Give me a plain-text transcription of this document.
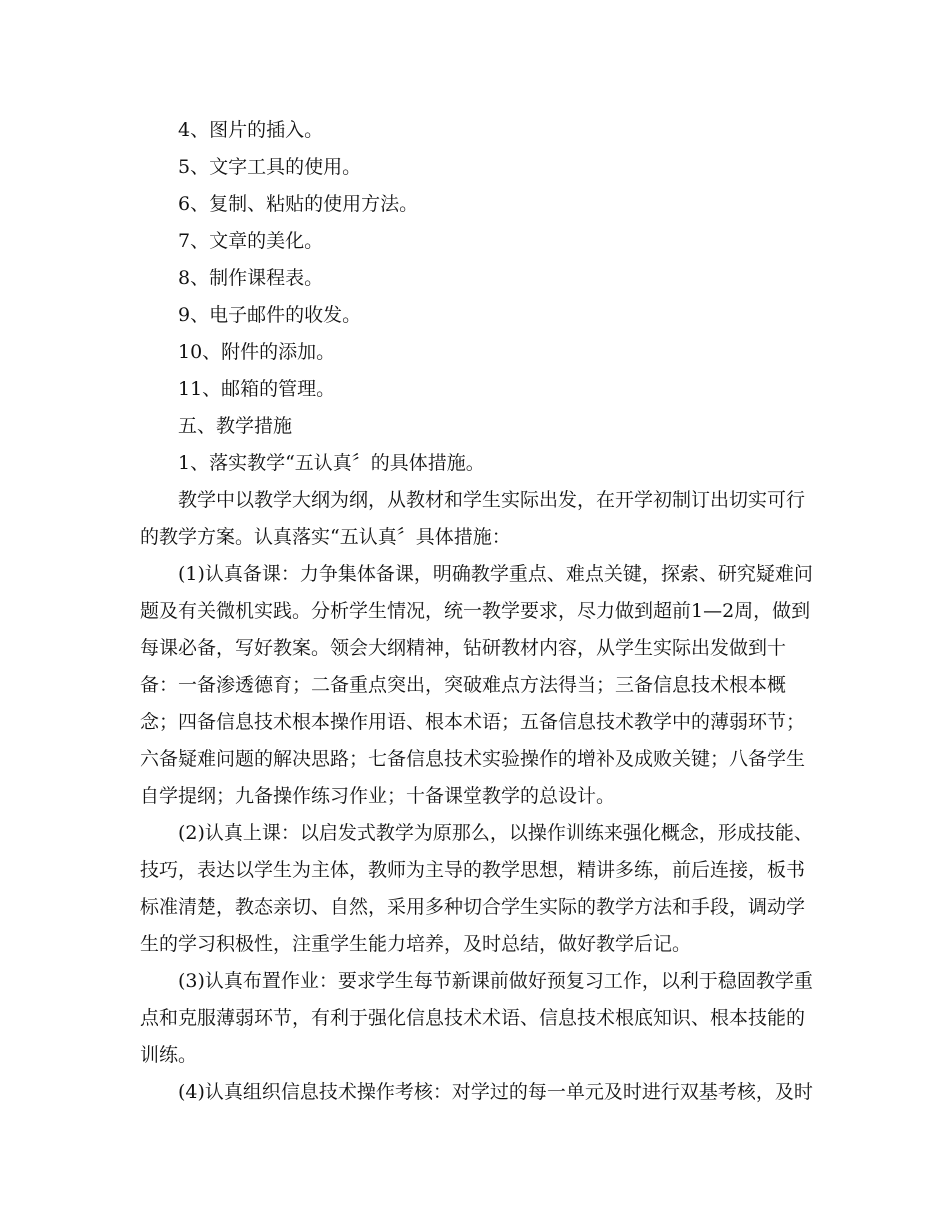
4、图片的插入。
5、文字工具的使用。
6、复制、粘贴的使用方法。
7、文章的美化。
8、制作课程表。
9、电子邮件的收发。
10、附件的添加。
11、邮箱的管理。
五、教学措施
1、落实教学“五认真〞的具体措施。
教学中以教学大纲为纲，从教材和学生实际出发，在开学初制订出切实可行
的教学方案。认真落实“五认真〞具体措施：
(1)认真备课：力争集体备课，明确教学重点、难点关键，探索、研究疑难问
题及有关微机实践。分析学生情况，统一教学要求，尽力做到超前1—2周，做到
每课必备，写好教案。领会大纲精神，钻研教材内容，从学生实际出发做到十
备：一备渗透德育；二备重点突出，突破难点方法得当；三备信息技术根本概
念；四备信息技术根本操作用语、根本术语；五备信息技术教学中的薄弱环节；
六备疑难问题的解决思路；七备信息技术实验操作的增补及成败关键；八备学生
自学提纲；九备操作练习作业；十备课堂教学的总设计。
(2)认真上课：以启发式教学为原那么，以操作训练来强化概念，形成技能、
技巧，表达以学生为主体，教师为主导的教学思想，精讲多练，前后连接，板书
标准清楚，教态亲切、自然，采用多种切合学生实际的教学方法和手段，调动学
生的学习积极性，注重学生能力培养，及时总结，做好教学后记。
(3)认真布置作业：要求学生每节新课前做好预复习工作，以利于稳固教学重
点和克服薄弱环节，有利于强化信息技术术语、信息技术根底知识、根本技能的
训练。
(4)认真组织信息技术操作考核：对学过的每一单元及时进行双基考核，及时
